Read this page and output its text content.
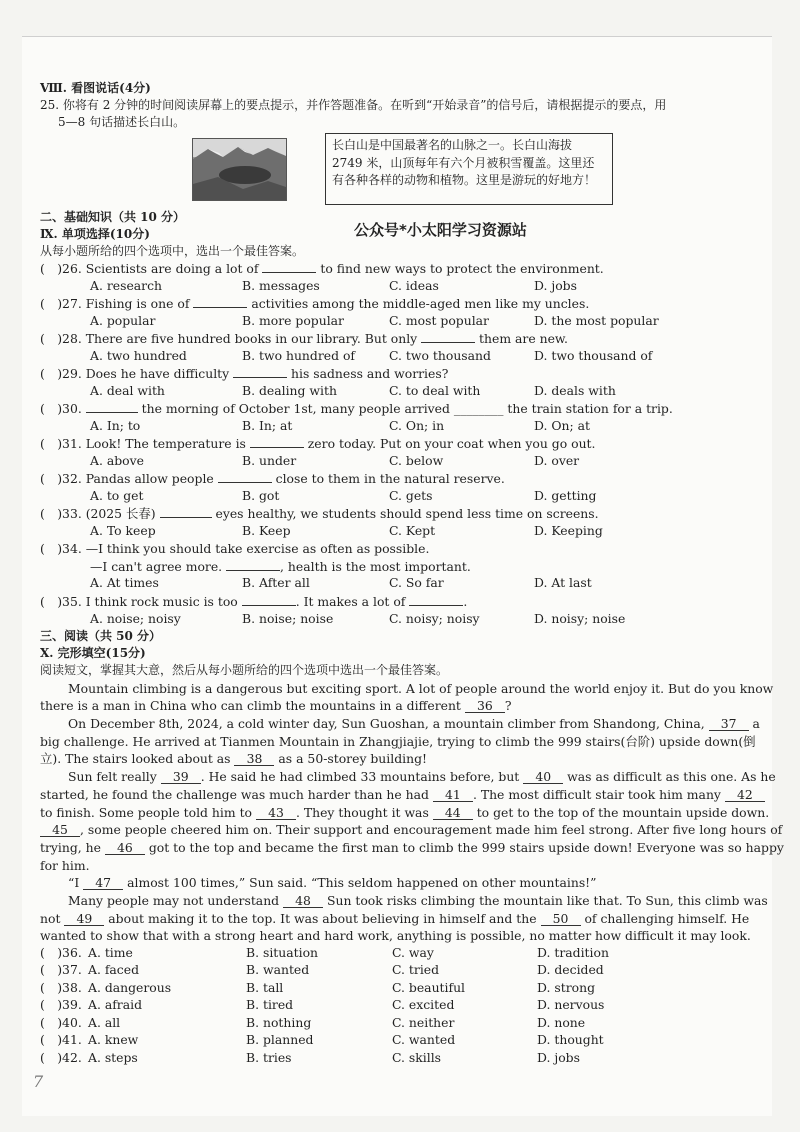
Ⅷ. 看图说话(4分)
25. 你将有 2 分钟的时间阅读屏幕上的要点提示，并作答题准备。在听到“开始录音”的信号后，请根据提示的要点，用
5—8 句话描述长白山。
长白山是中国最著名的山脉之一。长白山海拔 2749 米，山顶每年有六个月被积雪覆盖。这里还有各种各样的动物和植物。这里是游玩的好地方！
二、基础知识（共 10 分）
公众号*小太阳学习资源站
Ⅸ. 单项选择(10分)
从每小题所给的四个选项中，选出一个最佳答案。
(　)26. Scientists are doing a lot of	to find new ways to protect the environment.
A. research	B. messages	C. ideas	D. jobs
(　)27. Fishing is one of	activities among the middle-aged men like my uncles.
A. popular	B. more popular	C. most popular	D. the most popular
(　)28. There are five hundred books in our library. But only	them are new.
A. two hundred	B. two hundred of	C. two thousand	D. two thousand of
(　)29. Does he have difficulty	his sadness and worries?
A. deal with	B. dealing with	C. to deal with	D. deals with
(　)30.	the morning of October 1st, many people arrived ________ the train station for a trip.
A. In; to	B. In; at	C. On; in	D. On; at
(　)31. Look! The temperature is	zero today. Put on your coat when you go out.
A. above	B. under	C. below	D. over
(　)32. Pandas allow people	close to them in the natural reserve.
A. to get	B. got	C. gets	D. getting
(　)33. (2025 长春)	eyes healthy, we students should spend less time on screens.
A. To keep	B. Keep	C. Kept	D. Keeping
(　)34. —I think you should take exercise as often as possible.
—I can't agree more.	, health is the most important.
A. At times	B. After all	C. So far	D. At last
(　)35. I think rock music is too	. It makes a lot of	.
A. noise; noisy	B. noise; noise	C. noisy; noisy	D. noisy; noise
三、阅读（共 50 分）
Ⅹ. 完形填空(15分)
阅读短文，掌握其大意，然后从每小题所给的四个选项中选出一个最佳答案。
Mountain climbing is a dangerous but exciting sport. A lot of people around the world enjoy it. But do you know
there is a man in China who can climb the mountains in a different 36 ?
On December 8th, 2024, a cold winter day, Sun Guoshan, a mountain climber from Shandong, China, 37 a
big challenge. He arrived at Tianmen Mountain in Zhangjiajie, trying to climb the 999 stairs(台阶) upside down(倒
立). The stairs looked about as 38 as a 50-storey building!
Sun felt really 39 . He said he had climbed 33 mountains before, but 40 was as difficult as this one. As he
started, he found the challenge was much harder than he had 41 . The most difficult stair took him many 42
to finish. Some people told him to 43 . They thought it was 44 to get to the top of the mountain upside down.
45 , some people cheered him on. Their support and encouragement made him feel strong. After five long hours of
trying, he 46 got to the top and became the first man to climb the 999 stairs upside down! Everyone was so happy
for him.
“I 47 almost 100 times,” Sun said. “This seldom happened on other mountains!”
Many people may not understand 48 Sun took risks climbing the mountain like that. To Sun, this climb was
not 49 about making it to the top. It was about believing in himself and the 50 of challenging himself. He
wanted to show that with a strong heart and hard work, anything is possible, no matter how difficult it may look.
(　)36. A. time	B. situation	C. way	D. tradition
(　)37. A. faced	B. wanted	C. tried	D. decided
(　)38. A. dangerous	B. tall	C. beautiful	D. strong
(　)39. A. afraid	B. tired	C. excited	D. nervous
(　)40. A. all	B. nothing	C. neither	D. none
(　)41. A. knew	B. planned	C. wanted	D. thought
(　)42. A. steps	B. tries	C. skills	D. jobs
7
